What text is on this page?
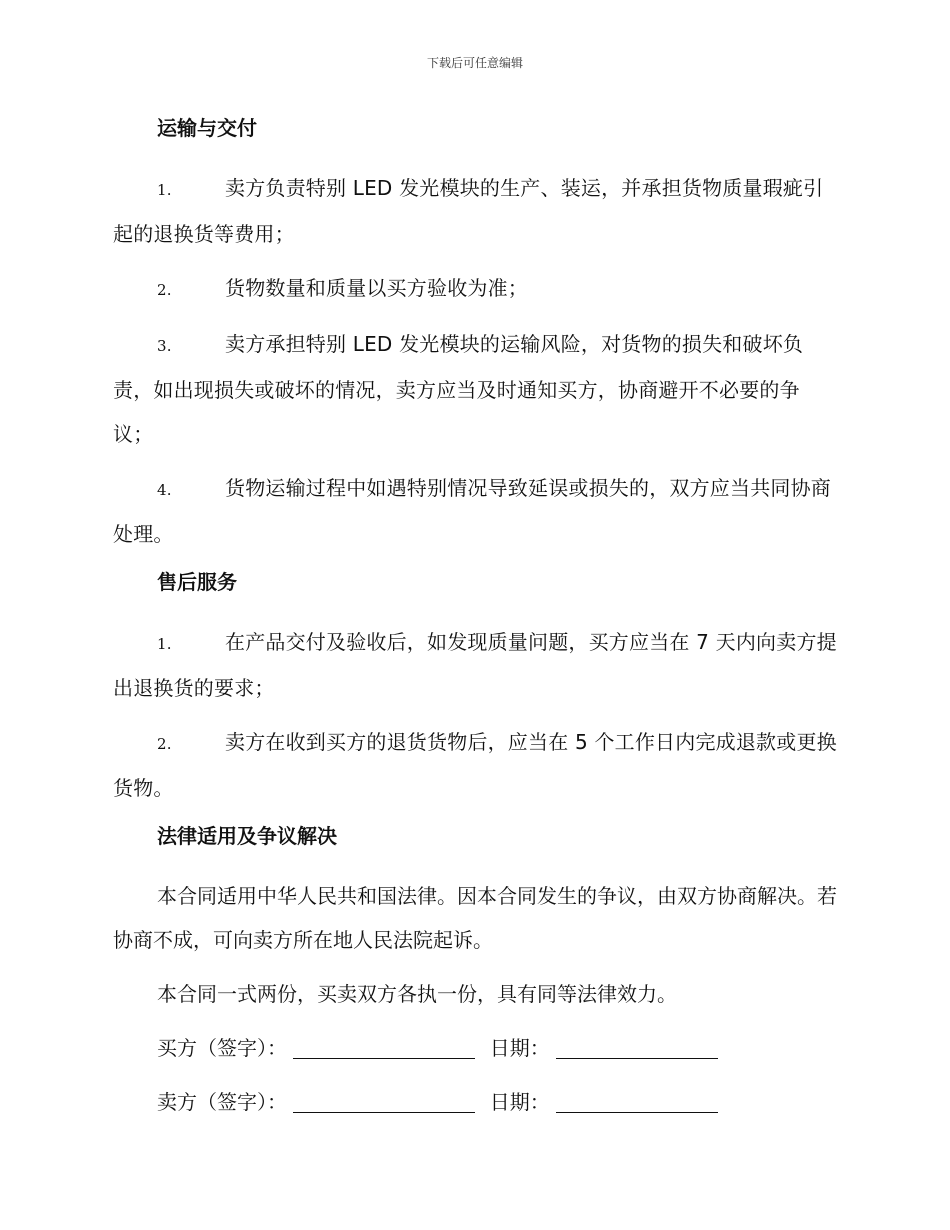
下载后可任意编辑
运输与交付
1.	卖方负责特别 LED 发光模块的生产、装运，并承担货物质量瑕疵引起的退换货等费用；
2.	货物数量和质量以买方验收为准；
3.	卖方承担特别 LED 发光模块的运输风险，对货物的损失和破坏负责，如出现损失或破坏的情况，卖方应当及时通知买方，协商避开不必要的争议；
4.	货物运输过程中如遇特别情况导致延误或损失的，双方应当共同协商处理。
售后服务
1.	在产品交付及验收后，如发现质量问题，买方应当在 7 天内向卖方提出退换货的要求；
2.	卖方在收到买方的退货货物后，应当在 5 个工作日内完成退款或更换货物。
法律适用及争议解决
本合同适用中华人民共和国法律。因本合同发生的争议，由双方协商解决。若协商不成，可向卖方所在地人民法院起诉。
本合同一式两份，买卖双方各执一份，具有同等法律效力。
买方（签字）：	日期：
卖方（签字）：	日期：
